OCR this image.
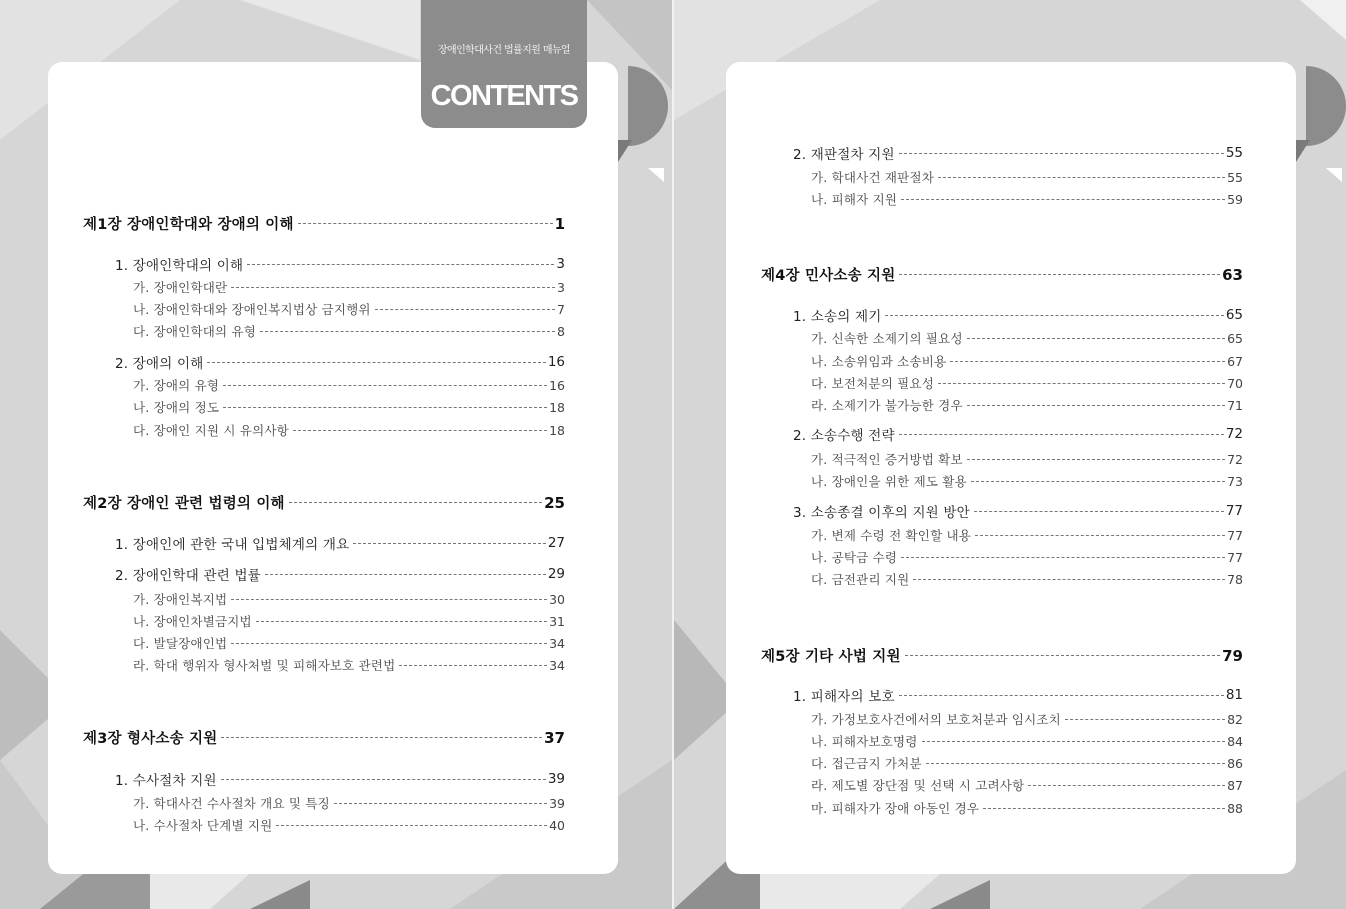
장애인학대사건 법률지원 매뉴얼
CONTENTS
제1장 장애인학대와 장애의 이해	1
1. 장애인학대의 이해	3
가. 장애인학대란	3
나. 장애인학대와 장애인복지법상 금지행위	7
다. 장애인학대의 유형	8
2. 장애의 이해	16
가. 장애의 유형	16
나. 장애의 정도	18
다. 장애인 지원 시 유의사항	18
제2장 장애인 관련 법령의 이해	25
1. 장애인에 관한 국내 입법체계의 개요	27
2. 장애인학대 관련 법률	29
가. 장애인복지법	30
나. 장애인차별금지법	31
다. 발달장애인법	34
라. 학대 행위자 형사처벌 및 피해자보호 관련법	34
제3장 형사소송 지원	37
1. 수사절차 지원	39
가. 학대사건 수사절차 개요 및 특징	39
나. 수사절차 단계별 지원	40
2. 재판절차 지원	55
가. 학대사건 재판절차	55
나. 피해자 지원	59
제4장 민사소송 지원	63
1. 소송의 제기	65
가. 신속한 소제기의 필요성	65
나. 소송위임과 소송비용	67
다. 보전처분의 필요성	70
라. 소제기가 불가능한 경우	71
2. 소송수행 전략	72
가. 적극적인 증거방법 확보	72
나. 장애인을 위한 제도 활용	73
3. 소송종결 이후의 지원 방안	77
가. 변제 수령 전 확인할 내용	77
나. 공탁금 수령	77
다. 금전관리 지원	78
제5장 기타 사법 지원	79
1. 피해자의 보호	81
가. 가정보호사건에서의 보호처분과 임시조치	82
나. 피해자보호명령	84
다. 접근금지 가처분	86
라. 제도별 장단점 및 선택 시 고려사항	87
마. 피해자가 장애 아동인 경우	88
